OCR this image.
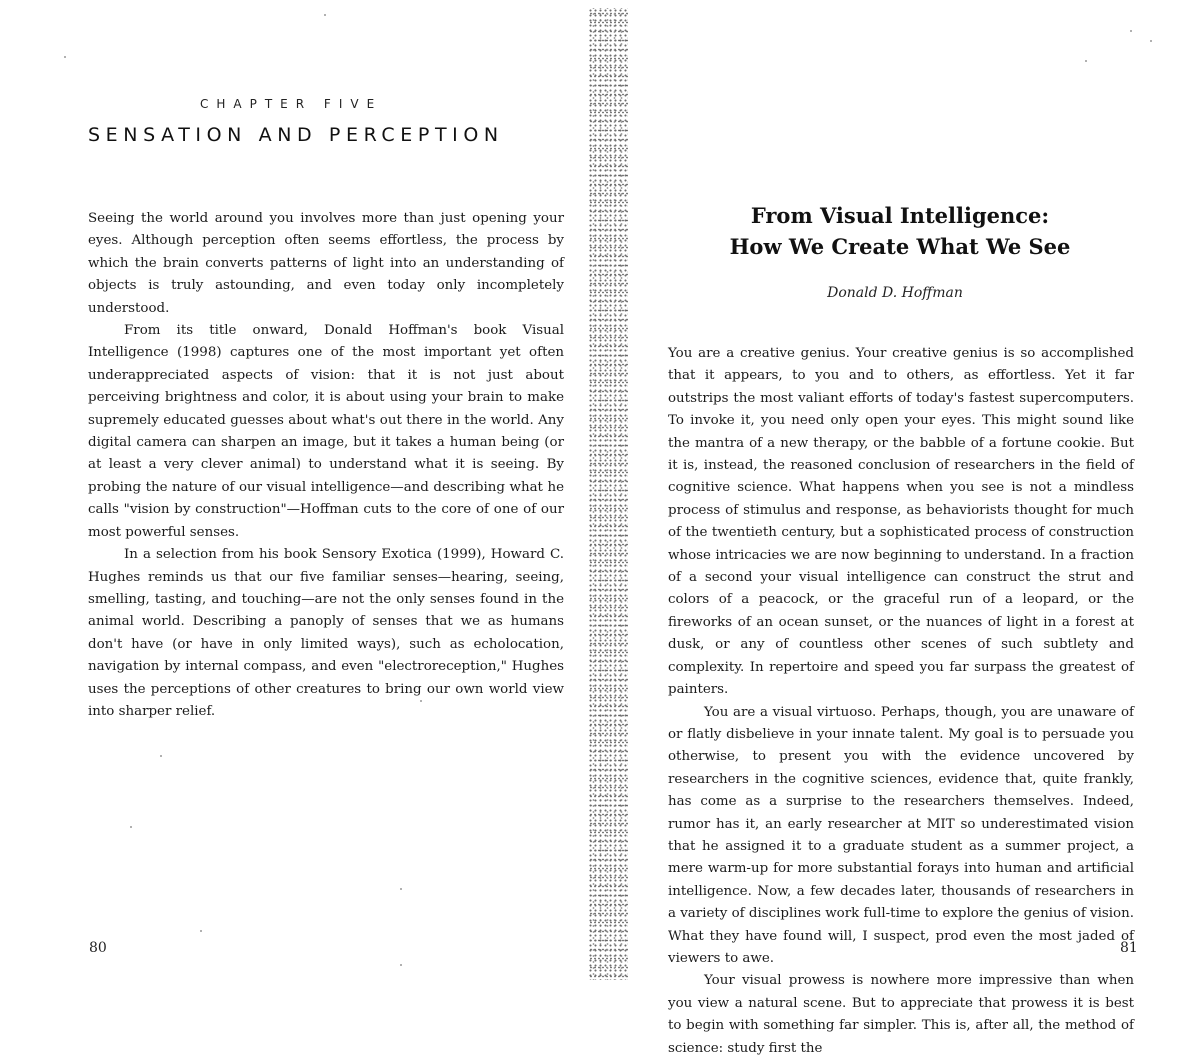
CHAPTER FIVE
SENSATION AND PERCEPTION

Seeing the world around you involves more than just opening your eyes. Although perception often seems effortless, the process by which the brain converts patterns of light into an understanding of objects is truly astounding, and even today only incompletely understood.

From its title onward, Donald Hoffman's book Visual Intelligence (1998) captures one of the most important yet often underappreciated aspects of vision: that it is not just about perceiving brightness and color, it is about using your brain to make supremely educated guesses about what's out there in the world. Any digital camera can sharpen an image, but it takes a human being (or at least a very clever animal) to understand what it is seeing. By probing the nature of our visual intelligence—and describing what he calls "vision by construction"—Hoffman cuts to the core of one of our most powerful senses.

In a selection from his book Sensory Exotica (1999), Howard C. Hughes reminds us that our five familiar senses—hearing, seeing, smelling, tasting, and touching—are not the only senses found in the animal world. Describing a panoply of senses that we as humans don't have (or have in only limited ways), such as echolocation, navigation by internal compass, and even "electroreception," Hughes uses the perceptions of other creatures to bring our own world view into sharper relief.

80
From Visual Intelligence:
How We Create What We See
Donald D. Hoffman

You are a creative genius. Your creative genius is so accomplished that it appears, to you and to others, as effortless. Yet it far outstrips the most valiant efforts of today's fastest supercomputers. To invoke it, you need only open your eyes. This might sound like the mantra of a new therapy, or the babble of a fortune cookie. But it is, instead, the reasoned conclusion of researchers in the field of cognitive science. What happens when you see is not a mindless process of stimulus and response, as behaviorists thought for much of the twentieth century, but a sophisticated process of construction whose intricacies we are now beginning to understand. In a fraction of a second your visual intelligence can construct the strut and colors of a peacock, or the graceful run of a leopard, or the fireworks of an ocean sunset, or the nuances of light in a forest at dusk, or any of countless other scenes of such subtlety and complexity. In repertoire and speed you far surpass the greatest of painters.

You are a visual virtuoso. Perhaps, though, you are unaware of or flatly disbelieve in your innate talent. My goal is to persuade you otherwise, to present you with the evidence uncovered by researchers in the cognitive sciences, evidence that, quite frankly, has come as a surprise to the researchers themselves. Indeed, rumor has it, an early researcher at MIT so underestimated vision that he assigned it to a graduate student as a summer project, a mere warm-up for more substantial forays into human and artificial intelligence. Now, a few decades later, thousands of researchers in a variety of disciplines work full-time to explore the genius of vision. What they have found will, I suspect, prod even the most jaded of viewers to awe.

Your visual prowess is nowhere more impressive than when you view a natural scene. But to appreciate that prowess it is best to begin with something far simpler. This is, after all, the method of science: study first the

81
